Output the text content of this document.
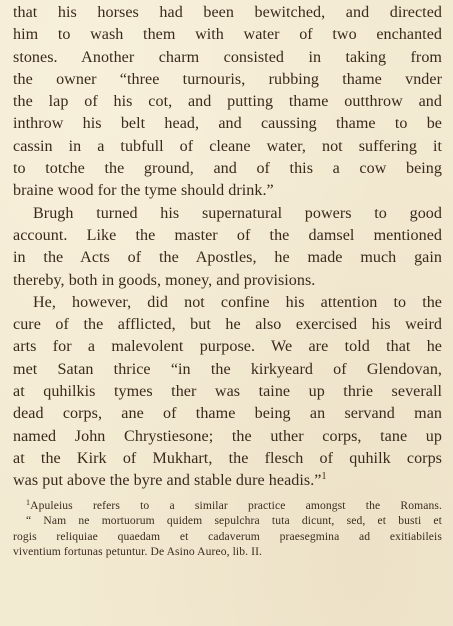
that his horses had been bewitched, and directed
him to wash them with water of two enchanted
stones. Another charm consisted in taking from
the owner “three turnouris, rubbing thame vnder
the lap of his cot, and putting thame outthrow and
inthrow his belt head, and caussing thame to be
cassin in a tubfull of cleane water, not suffering it
to totche the ground, and of this a cow being
braine wood for the tyme should drink.”

Brugh turned his supernatural powers to good
account. Like the master of the damsel mentioned
in the Acts of the Apostles, he made much gain
thereby, both in goods, money, and provisions.

He, however, did not confine his attention to the
cure of the afflicted, but he also exercised his weird
arts for a malevolent purpose. We are told that he
met Satan thrice “in the kirkyeard of Glendovan,
at quhilkis tymes ther was taine up thrie severall
dead corps, ane of thame being an servand man
named John Chrystiesone; the uther corps, tane up
at the Kirk of Mukhart, the flesch of quhilk corps
was put above the byre and stable dure headis.”$^1$

$^1$Apuleius refers to a similar practice amongst the Romans.
“ Nam ne mortuorum quidem sepulchra tuta dicunt, sed, et busti et
rogis reliquiae quaedam et cadaverum praesegmina ad exitiabileis
viventium fortunas petuntur. De Asino Aureo, lib. II.
